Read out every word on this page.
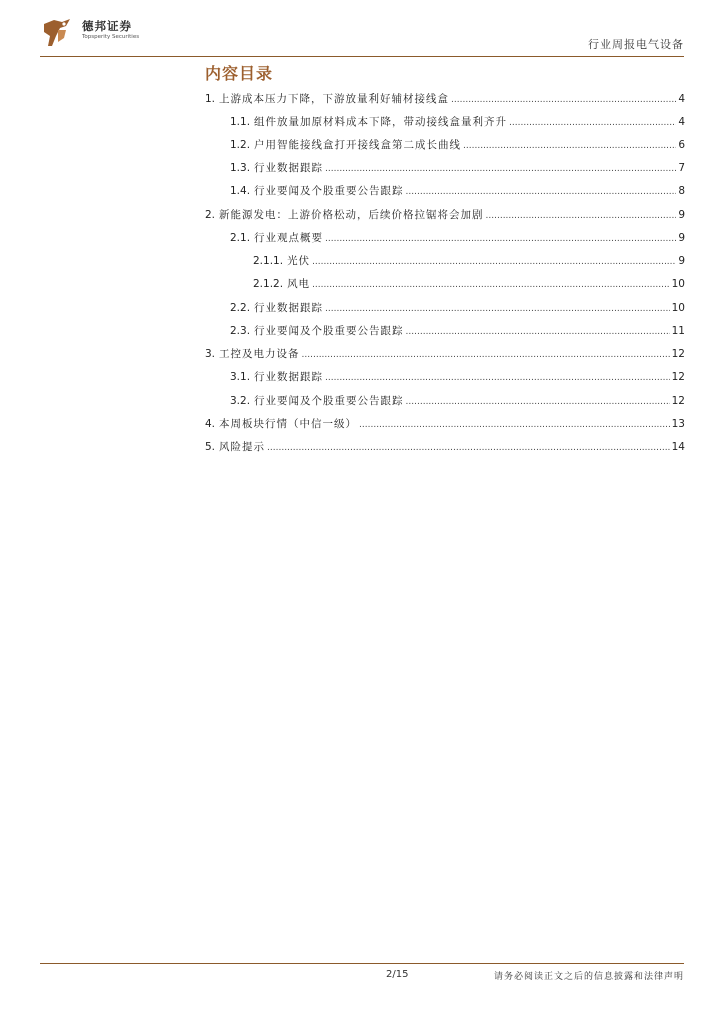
德邦证券
Topsperity Securities
行业周报电气设备
内容目录
1. 上游成本压力下降，下游放量利好辅材接线盒 .....	4
1.1. 组件放量加原材料成本下降，带动接线盒量利齐升 .....	4
1.2. 户用智能接线盒打开接线盒第二成长曲线 .....	6
1.3. 行业数据跟踪 .....	7
1.4. 行业要闻及个股重要公告跟踪 .....	8
2. 新能源发电：上游价格松动，后续价格拉锯将会加剧 .....	9
2.1. 行业观点概要 .....	9
2.1.1. 光伏 .....	9
2.1.2. 风电 .....	10
2.2. 行业数据跟踪 .....	10
2.3. 行业要闻及个股重要公告跟踪 .....	11
3. 工控及电力设备 .....	12
3.1. 行业数据跟踪 .....	12
3.2. 行业要闻及个股重要公告跟踪 .....	12
4. 本周板块行情（中信一级） .....	13
5. 风险提示 .....	14
2/15	请务必阅读正文之后的信息披露和法律声明
